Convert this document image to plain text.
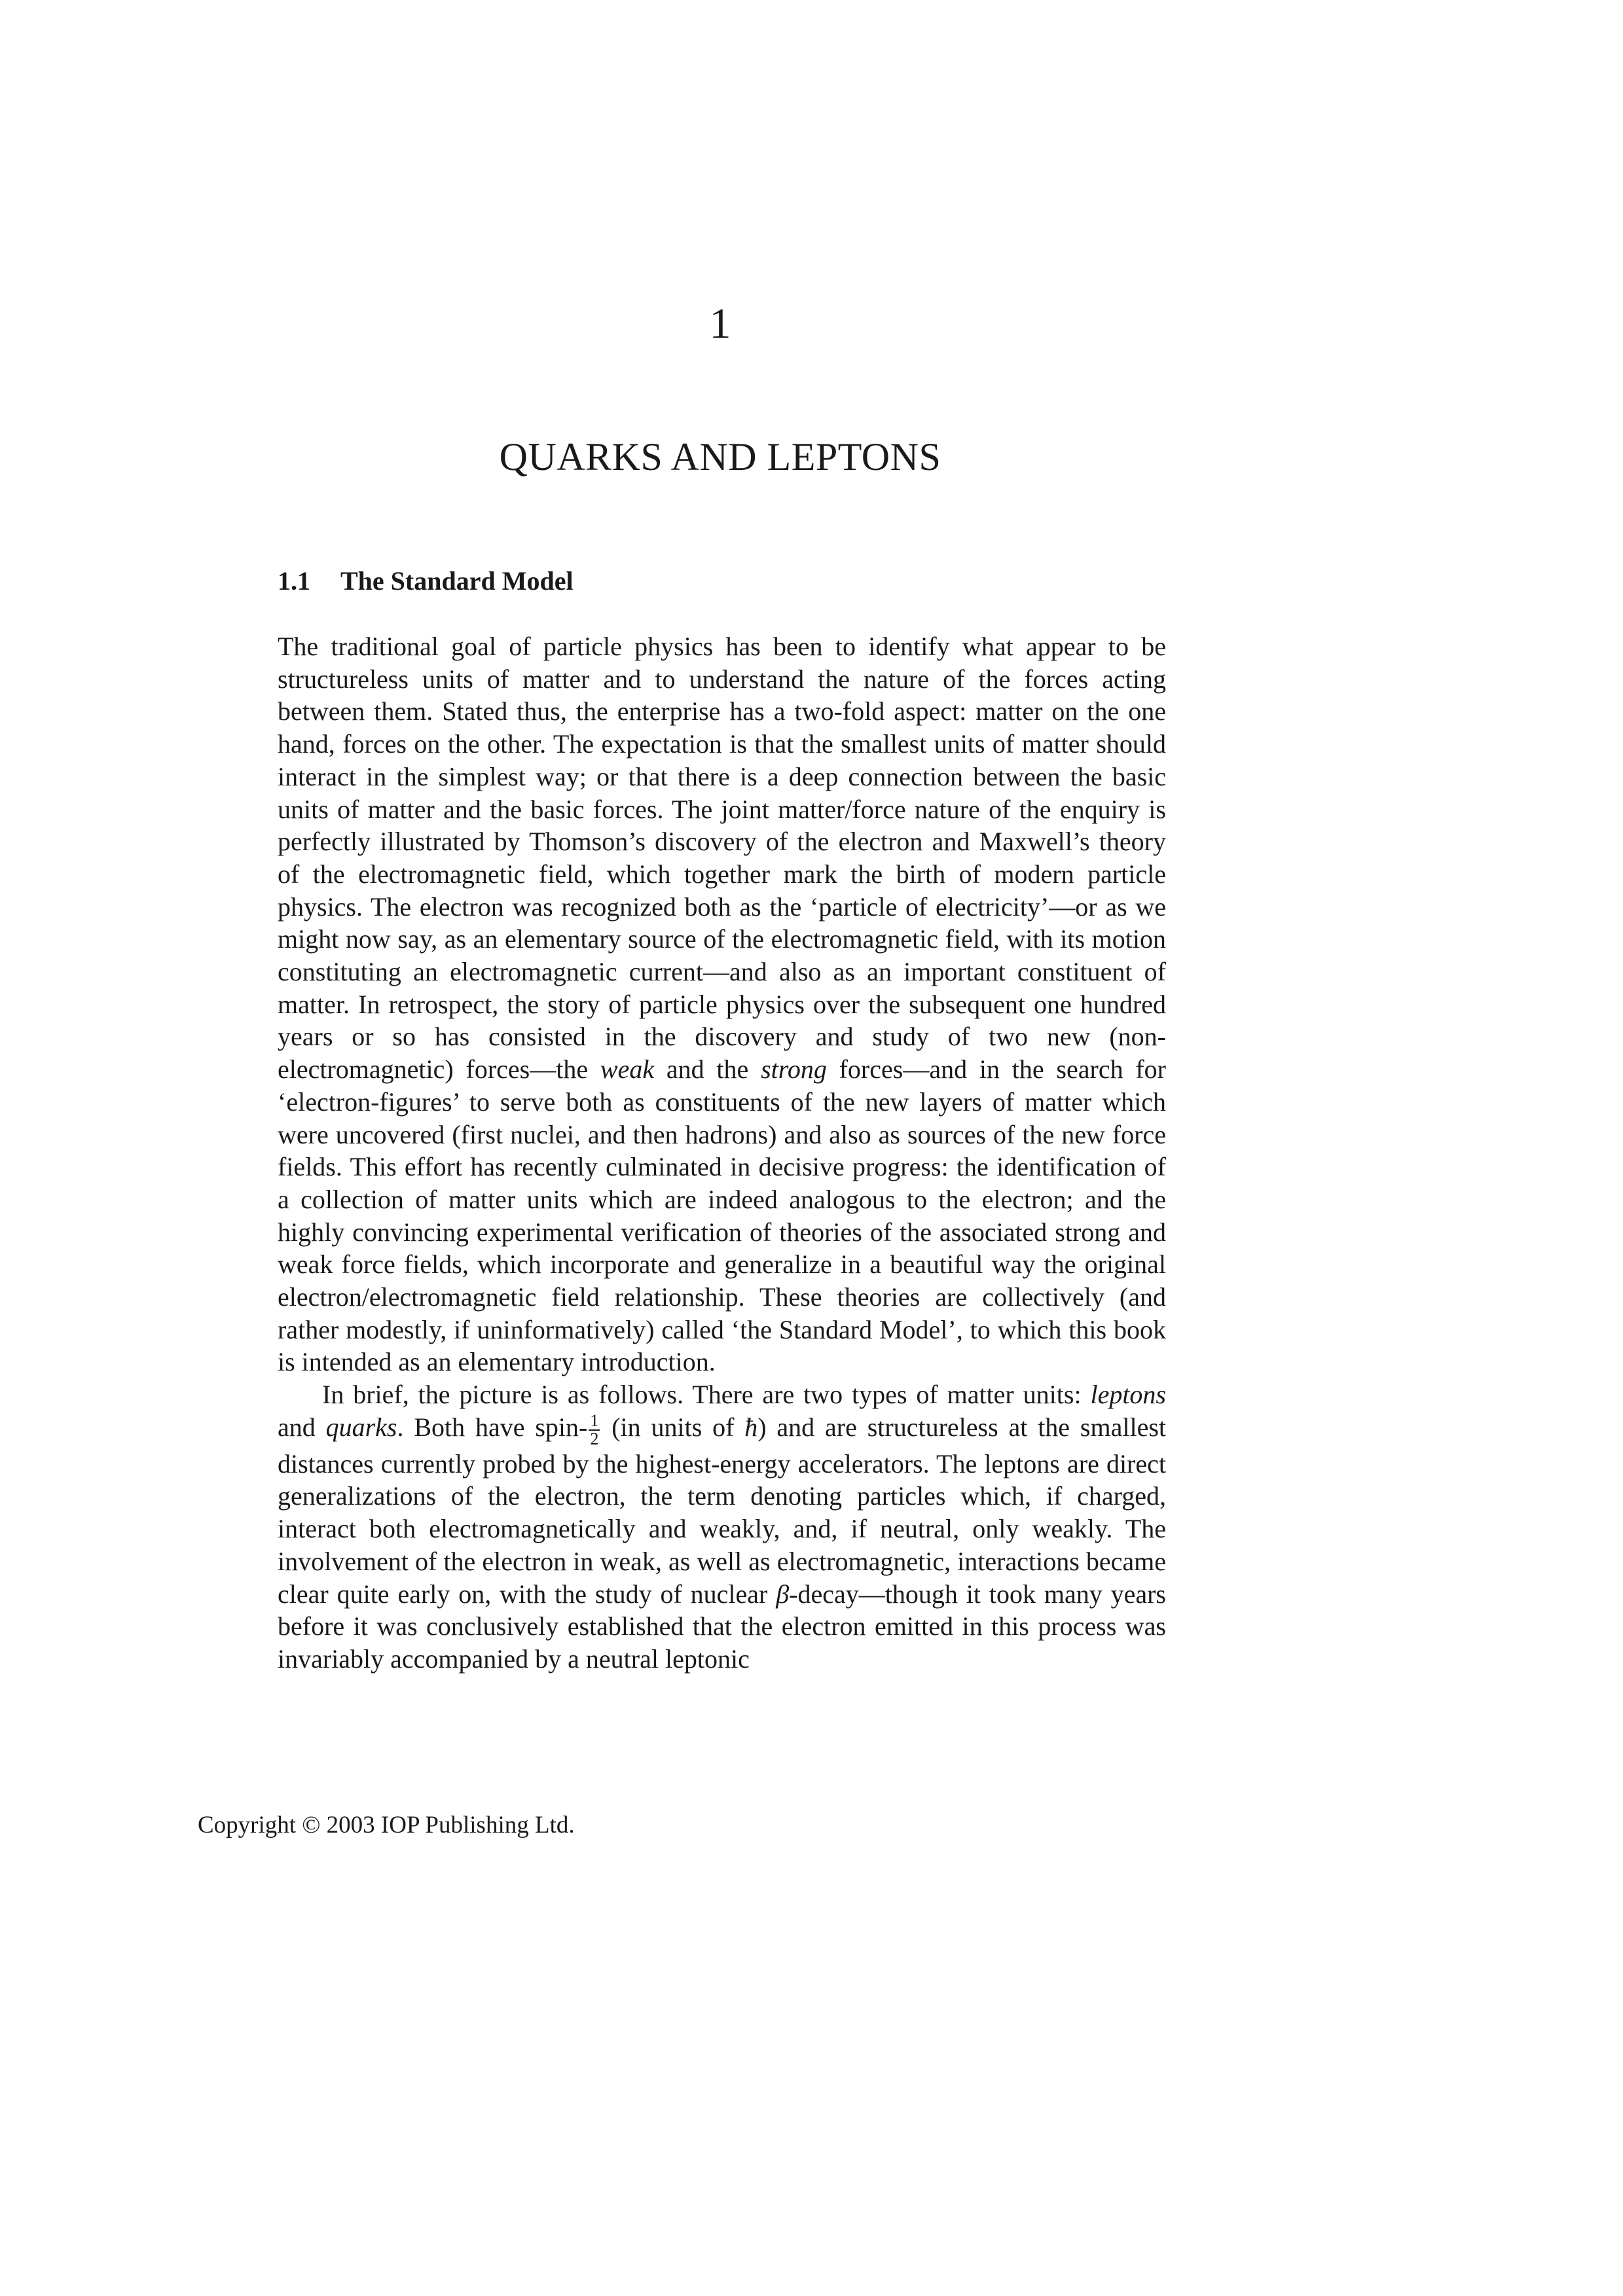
1
QUARKS AND LEPTONS
1.1 The Standard Model

The traditional goal of particle physics has been to identify what appear to be structureless units of matter and to understand the nature of the forces acting between them. Stated thus, the enterprise has a two-fold aspect: matter on the one hand, forces on the other. The expectation is that the smallest units of matter should interact in the simplest way; or that there is a deep connection between the basic units of matter and the basic forces. The joint matter/force nature of the enquiry is perfectly illustrated by Thomson’s discovery of the electron and Maxwell’s theory of the electromagnetic field, which together mark the birth of modern particle physics. The electron was recognized both as the ‘particle of electricity’—or as we might now say, as an elementary source of the electromagnetic field, with its motion constituting an electromagnetic current—and also as an important constituent of matter. In retrospect, the story of particle physics over the subsequent one hundred years or so has consisted in the discovery and study of two new (non-electromagnetic) forces—the weak and the strong forces—and in the search for ‘electron-figures’ to serve both as constituents of the new layers of matter which were uncovered (first nuclei, and then hadrons) and also as sources of the new force fields. This effort has recently culminated in decisive progress: the identification of a collection of matter units which are indeed analogous to the electron; and the highly convincing experimental verification of theories of the associated strong and weak force fields, which incorporate and generalize in a beautiful way the original electron/electromagnetic field relationship. These theories are collectively (and rather modestly, if uninformatively) called ‘the Standard Model’, to which this book is intended as an elementary introduction.

In brief, the picture is as follows. There are two types of matter units: leptons and quarks. Both have spin- $\frac{1}{2} (in$ units of ħ) and are structureless at the smallest distances currently probed by the highest-energy accelerators. The leptons are direct generalizations of the electron, the term denoting particles which, if charged, interact both electromagnetically and weakly, and, if neutral, only weakly. The involvement of the electron in weak, as well as electromagnetic, interactions became clear quite early on, with the study of nuclear β-decay—though it took many years before it was conclusively established that the electron emitted in this process was invariably accompanied by a neutral leptonic

Copyright © 2003 IOP Publishing Ltd.
